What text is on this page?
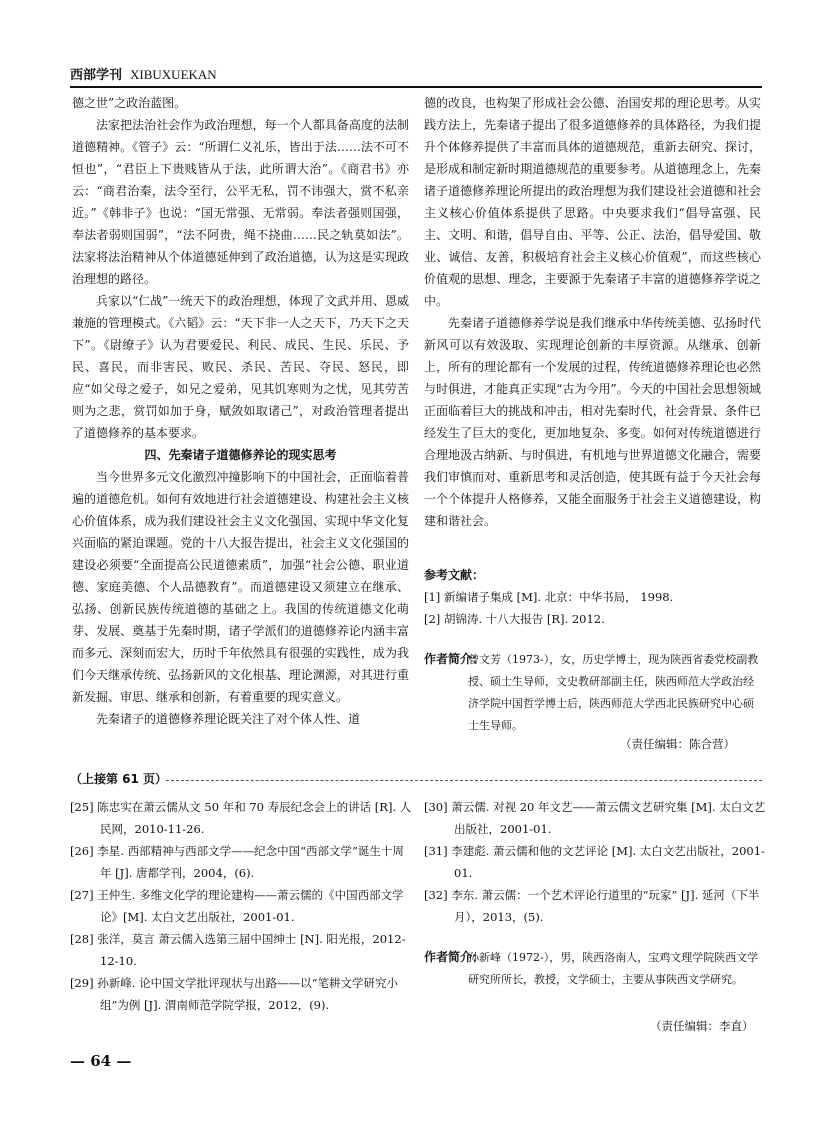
西部学刊 XIBUXUEKAN

德之世”之政治蓝图。

法家把法治社会作为政治理想，每一个人都具备高度的法制道德精神。《管子》云：“所谓仁义礼乐，皆出于法……法不可不恒也”，“君臣上下贵贱皆从于法，此所谓大治”。《商君书》亦云：“商君治秦，法令至行，公平无私，罚不讳强大，赏不私亲近。”《韩非子》也说：“国无常强、无常弱。奉法者强则国强，奉法者弱则国弱”，“法不阿贵，绳不挠曲……民之轨莫如法”。法家将法治精神从个体道德延伸到了政治道德，认为这是实现政治理想的路径。

兵家以“仁战”一统天下的政治理想，体现了文武并用、恩威兼施的管理模式。《六韬》云：“天下非一人之天下，乃天下之天下”。《尉缭子》认为君要爱民、利民、成民、生民、乐民、予民、喜民，而非害民、败民、杀民、苦民、夺民、怒民，即应“如父母之爱子，如兄之爱弟，见其饥寒则为之忧，见其劳苦则为之悲，赏罚如加于身，赋敛如取诸己”，对政治管理者提出了道德修养的基本要求。

四、先秦诸子道德修养论的现实思考

当今世界多元文化激烈冲撞影响下的中国社会，正面临着普遍的道德危机。如何有效地进行社会道德建设、构建社会主义核心价值体系，成为我们建设社会主义文化强国、实现中华文化复兴面临的紧迫课题。党的十八大报告提出，社会主义文化强国的建设必须要“全面提高公民道德素质”，加强“社会公德、职业道德、家庭美德、个人品德教育”。而道德建设又须建立在继承、弘扬、创新民族传统道德的基础之上。我国的传统道德文化萌芽、发展、奠基于先秦时期，诸子学派们的道德修养论内涵丰富而多元、深刻而宏大，历时千年依然具有很强的实践性，成为我们今天继承传统、弘扬新风的文化根基、理论渊源，对其进行重新发掘、审思、继承和创新，有着重要的现实意义。

先秦诸子的道德修养理论既关注了对个体人性、道

德的改良，也构架了形成社会公德、治国安邦的理论思考。从实践方法上，先秦诸子提出了很多道德修养的具体路径，为我们提升个体修养提供了丰富而具体的道德规范，重新去研究、探讨，是形成和制定新时期道德规范的重要参考。从道德理念上，先秦诸子道德修养理论所提出的政治理想为我们建设社会道德和社会主义核心价值体系提供了思路。中央要求我们“倡导富强、民主、文明、和谐，倡导自由、平等、公正、法治，倡导爱国、敬业、诚信、友善，积极培育社会主义核心价值观”，而这些核心价值观的思想、理念，主要源于先秦诸子丰富的道德修养学说之中。

先秦诸子道德修养学说是我们继承中华传统美德、弘扬时代新风可以有效汲取、实现理论创新的丰厚资源。从继承、创新上，所有的理论都有一个发展的过程，传统道德修养理论也必然与时俱进，才能真正实现“古为今用”。今天的中国社会思想领域正面临着巨大的挑战和冲击，相对先秦时代，社会背景、条件已经发生了巨大的变化，更加地复杂、多变。如何对传统道德进行合理地汲古纳新、与时俱进，有机地与世界道德文化融合，需要我们审慎而对、重新思考和灵活创造，使其既有益于今天社会每一个个体提升人格修养，又能全面服务于社会主义道德建设，构建和谐社会。

参考文献：
[1] 新编诸子集成 [M]. 北京：中华书局， 1998.
[2] 胡锦涛. 十八大报告 [R]. 2012.
作者简介：
曾文芳（1973-），女，历史学博士，现为陕西省委党校副教授、硕士生导师，文史教研部副主任，陕西师范大学政治经济学院中国哲学博士后，陕西师范大学西北民族研究中心硕士生导师。
（责任编辑：陈合营）
（上接第 61 页）
[25] 陈忠实在萧云儒从文 50 年和 70 寿辰纪念会上的讲话 [R]. 人民网，2010-11-26.
[26] 李星. 西部精神与西部文学——纪念中国“西部文学”诞生十周年 [J]. 唐都学刊，2004，(6).
[27] 王仲生. 多维文化学的理论建构——萧云儒的《中国西部文学论》[M]. 太白文艺出版社，2001-01.
[28] 张洋，莫言 萧云儒入选第三届中国绅士 [N]. 阳光报，2012-12-10.
[29] 孙新峰. 论中国文学批评现状与出路——以“笔耕文学研究小组”为例 [J]. 渭南师范学院学报，2012，(9).
[30] 萧云儒. 对视 20 年文艺——萧云儒文艺研究集 [M]. 太白文艺出版社，2001-01.
[31] 李建彪. 萧云儒和他的文艺评论 [M]. 太白文艺出版社，2001-01.
[32] 李东. 萧云儒：一个艺术评论行道里的“玩家” [J]. 延河（下半月），2013，(5).
作者简介：
孙新峰（1972-），男，陕西洛南人，宝鸡文理学院陕西文学研究所所长，教授，文学硕士，主要从事陕西文学研究。
（责任编辑：李直）
— 64 —
